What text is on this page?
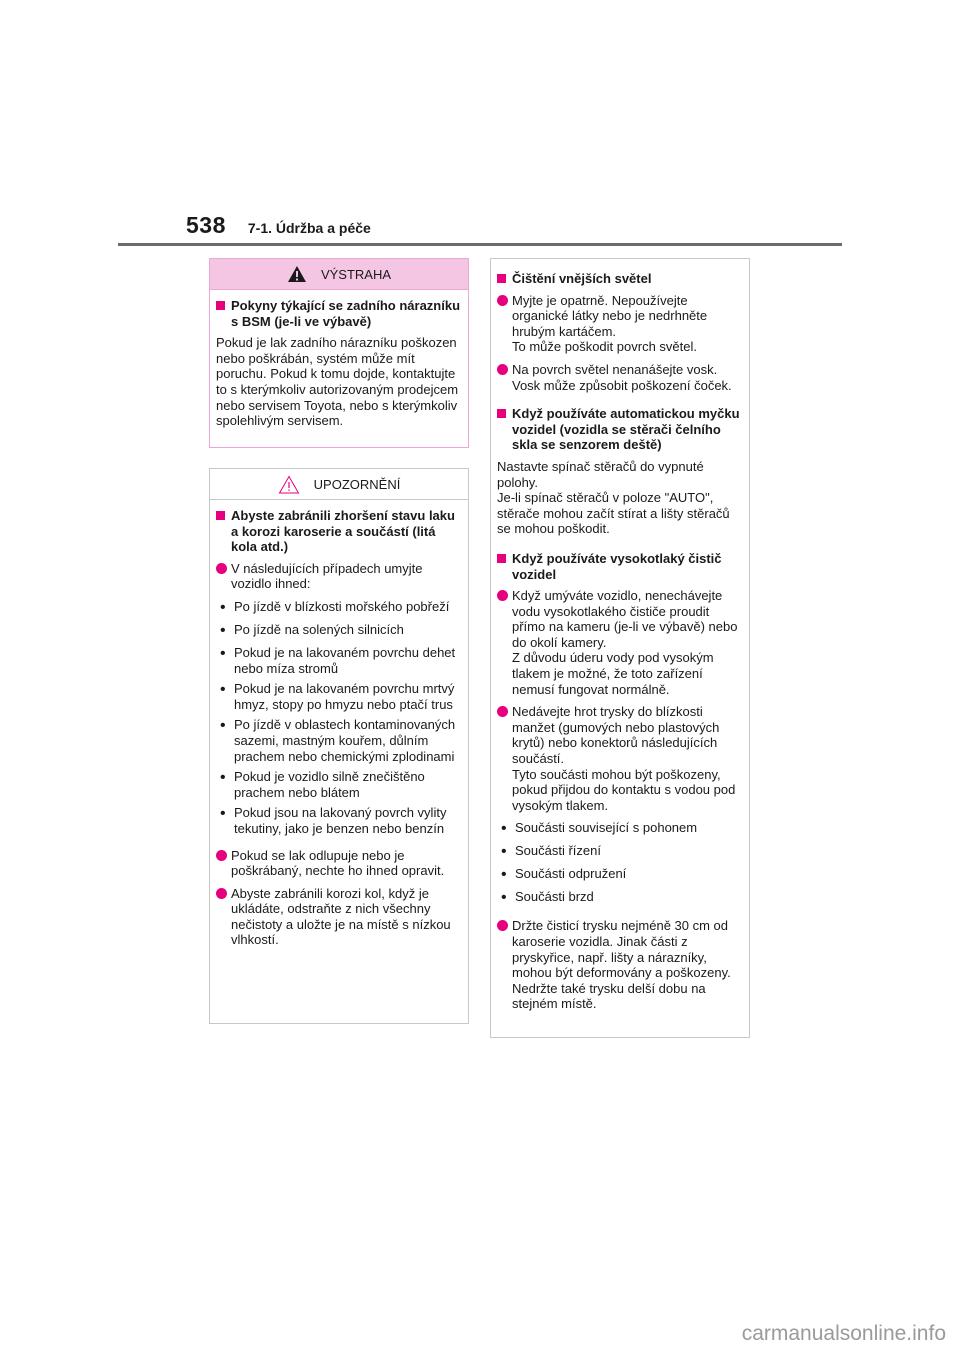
538 7-1. Údržba a péče
VÝSTRAHA

Pokyny týkající se zadního nárazníku s BSM (je-li ve výbavě)

Pokud je lak zadního nárazníku poškozen nebo poškrábán, systém může mít poruchu. Pokud k tomu dojde, kontaktujte to s kterýmkoliv autorizovaným prodejcem nebo servisem Toyota, nebo s kterýmkoliv spolehlivým servisem.

UPOZORNĚNÍ

Abyste zabránili zhoršení stavu laku a korozi karoserie a součástí (litá kola atd.)

V následujících případech umyjte vozidlo ihned:

• Po jízdě v blízkosti mořského pobřeží

• Po jízdě na solených silnicích

• Pokud je na lakovaném povrchu dehet nebo míza stromů

• Pokud je na lakovaném povrchu mrtvý hmyz, stopy po hmyzu nebo ptačí trus

• Po jízdě v oblastech kontaminovaných sazemi, mastným kouřem, důlním prachem nebo chemickými zplodinami

• Pokud je vozidlo silně znečištěno prachem nebo blátem

• Pokud jsou na lakovaný povrch vylity tekutiny, jako je benzen nebo benzín

Pokud se lak odlupuje nebo je poškrábaný, nechte ho ihned opravit.

Abyste zabránili korozi kol, když je ukládáte, odstraňte z nich všechny nečistoty a uložte je na místě s nízkou vlhkostí.

Čištění vnějších světel

Myjte je opatrně. Nepoužívejte organické látky nebo je nedrhněte hrubým kartáčem.

To může poškodit povrch světel.

Na povrch světel nenanášejte vosk. Vosk může způsobit poškození čoček.

Když používáte automatickou myčku vozidel (vozidla se stěrači čelního skla se senzorem deště)

Nastavte spínač stěračů do vypnuté polohy.

Je-li spínač stěračů v poloze "AUTO", stěrače mohou začít stírat a lišty stěračů se mohou poškodit.

Když používáte vysokotlaký čistič vozidel

Když umýváte vozidlo, nenechávejte vodu vysokotlakého čističe proudit přímo na kameru (je-li ve výbavě) nebo do okolí kamery.

Z důvodu úderu vody pod vysokým tlakem je možné, že toto zařízení nemusí fungovat normálně.

Nedávejte hrot trysky do blízkosti manžet (gumových nebo plastových krytů) nebo konektorů následujících součástí.

Tyto součásti mohou být poškozeny, pokud přijdou do kontaktu s vodou pod vysokým tlakem.

• Součásti související s pohonem

• Součásti řízení

• Součásti odpružení

• Součásti brzd

Držte čisticí trysku nejméně 30 cm od karoserie vozidla. Jinak části z pryskyřice, např. lišty a nárazníky, mohou být deformovány a poškozeny. Nedržte také trysku delší dobu na stejném místě.

carmanualsonline.info
